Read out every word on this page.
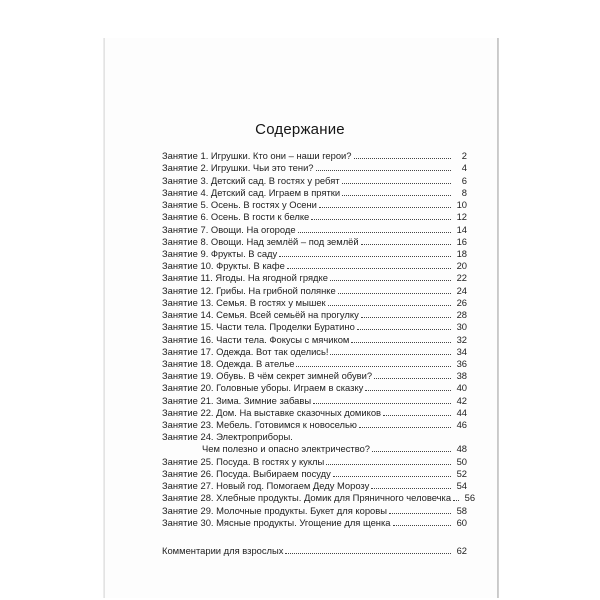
Содержание
Занятие 1. Игрушки. Кто они – наши герои?	2
Занятие 2. Игрушки. Чьи это тени?	4
Занятие 3. Детский сад. В гостях у ребят	6
Занятие 4. Детский сад. Играем в прятки	8
Занятие 5. Осень. В гостях у Осени	10
Занятие 6. Осень. В гости к белке	12
Занятие 7. Овощи. На огороде	14
Занятие 8. Овощи. Над землёй – под землёй	16
Занятие 9. Фрукты. В саду	18
Занятие 10. Фрукты. В кафе	20
Занятие 11. Ягоды. На ягодной грядке	22
Занятие 12. Грибы. На грибной полянке	24
Занятие 13. Семья. В гостях у мышек	26
Занятие 14. Семья. Всей семьёй на прогулку	28
Занятие 15. Части тела. Проделки Буратино	30
Занятие 16. Части тела. Фокусы с мячиком	32
Занятие 17. Одежда. Вот так оделись!	34
Занятие 18. Одежда. В ателье	36
Занятие 19. Обувь. В чём секрет зимней обуви?	38
Занятие 20. Головные уборы. Играем в сказку	40
Занятие 21. Зима. Зимние забавы	42
Занятие 22. Дом. На выставке сказочных домиков	44
Занятие 23. Мебель. Готовимся к новоселью	46
Занятие 24. Электроприборы.
Чем полезно и опасно электричество?	48
Занятие 25. Посуда. В гостях у куклы	50
Занятие 26. Посуда. Выбираем посуду	52
Занятие 27. Новый год. Помогаем Деду Морозу	54
Занятие 28. Хлебные продукты. Домик для Пряничного человечка	56
Занятие 29. Молочные продукты. Букет для коровы	58
Занятие 30. Мясные продукты. Угощение для щенка	60
Комментарии для взрослых	62
